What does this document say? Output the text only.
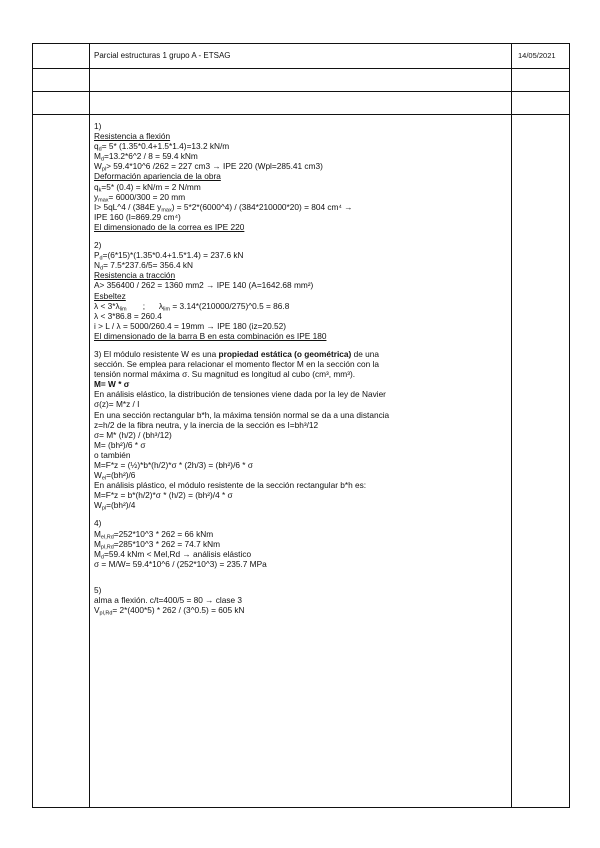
Parcial estructuras 1 grupo A - ETSAG	14/05/2021
1)
Resistencia a flexión
$q_d= 5*$ (1.35*0.4+1.5*1.4)=13.2 kN/m
$M_d=13.2*6\^{}2 / 8 = 59.4$ kNm
$W_{pl}>$ 59.4*10^6 /262 = 227 cm3 → IPE 220 (Wpl=285.41 cm3)
Deformación apariencia de la obra
$q_k=5*$ (0.4) = kN/m = 2 N/mm
$y_{max}= 6000/300 = 20$ mm
I> 5qL^4 / (384E $y_{max}$) = 5*2*(6000^4) / (384*210000*20) = 804 cm⁴ →
IPE 160 (I=869.29 cm⁴)
El dimensionado de la correa es IPE 220
2)
$P_d=(6*15)*(1.35*0.4+1.5*1.4) = 237.6$ kN
$N_d= 7.5*237.6/5= 356.4$ kN
Resistencia a tracción
A> 356400 / 262 = 1360 mm2 → IPE 140 (A=1642.68 mm²)
Esbeltez
$\lambda < 3*\lambda_{lim}$       ;      $\lambda_{lim}$ = 3.14*(210000/275)^0.5 = 86.8
λ < 3*86.8 = 260.4
i > L / λ = 5000/260.4 = 19mm → IPE 180 (iz=20.52)
El dimensionado de la barra B en esta combinación es IPE 180
3) El módulo resistente W es una propiedad estática (o geométrica) de una
sección. Se emplea para relacionar el momento flector M en la sección con la
tensión normal máxima σ. Su magnitud es longitud al cubo (cm³, mm³).
M= W * σ
En análisis elástico, la distribución de tensiones viene dada por la ley de Navier
σ(z)= M*z / I
En una sección rectangular b*h, la máxima tensión normal se da a una distancia
z=h/2 de la fibra neutra, y la inercia de la sección es I=bh³/12
σ= M* (h/2) / (bh³/12)
M= (bh²)/6 * σ
o también
M=F*z = (½)*b*(h/2)*σ * (2h/3) = (bh²)/6 * σ
$W_{el}=(bh^2)/6$
En análisis plástico, el módulo resistente de la sección rectangular b*h es:
M=F*z = b*(h/2)*σ * (h/2) = (bh²)/4 * σ
$W_{pl}=(bh^2)/4$
4)
$M_{el,Rd}=252*10\^{}3 * 262 = 66$ kNm
$M_{pl,Rd}=285*10\^{}3 * 262 = 74.7$ kNm
$M_d=59.4$ kNm < Mel,Rd → análisis elástico
σ = M/W= 59.4*10^6 / (252*10^3) = 235.7 MPa
5)
alma a flexión. c/t=400/5 = 80 → clase 3
$V_{pl,Rd}= 2*(400*5) * 262$ / (3^0.5) = 605 kN
